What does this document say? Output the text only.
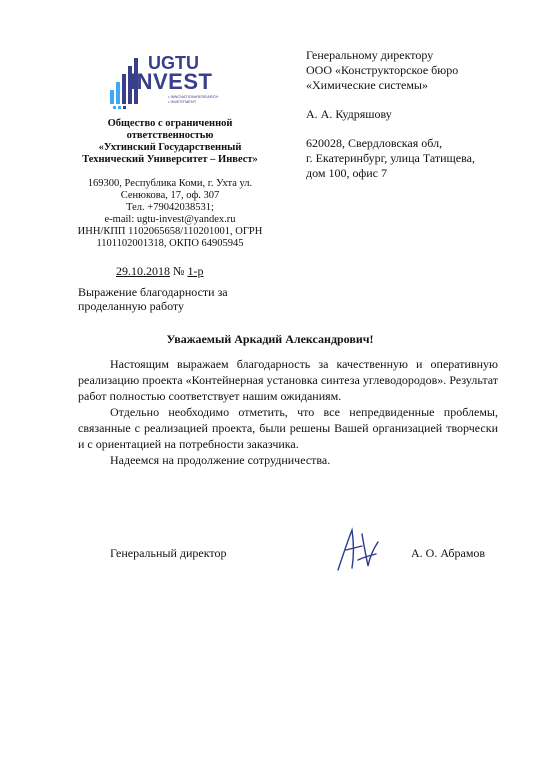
UGTU
INVEST
• INNOVATION•RESEARCH
• INVESTMENT
Общество с ограниченной
ответственностью
«Ухтинский Государственный
Технический Университет – Инвест»
169300, Республика Коми, г. Ухта ул.
Сенюкова, 17, оф. 307
Тел. +79042038531;
e-mail: ugtu-invest@yandex.ru
ИНН/КПП 1102065658/110201001, ОГРН
1101102001318, ОКПО 64905945

Генеральному директору

ООО «Конструкторское бюро

«Химические системы»

А. А. Кудряшову

620028, Свердловская обл,

г. Екатеринбург, улица Татищева,

дом 100, офис 7

29.10.2018 № 1-р
Выражение благодарности за
проделанную работу
Уважаемый Аркадий Александрович!

Настоящим выражаем благодарность за качественную и оперативную реализацию проекта «Контейнерная установка синтеза углеводородов». Результат работ полностью соответствует нашим ожиданиям.

Отдельно необходимо отметить, что все непредвиденные проблемы, связанные с реализацией проекта, были решены Вашей организацией творчески и с ориентацией на потребности заказчика.

Надеемся на продолжение сотрудничества.

Генеральный директор	А. О. Абрамов
